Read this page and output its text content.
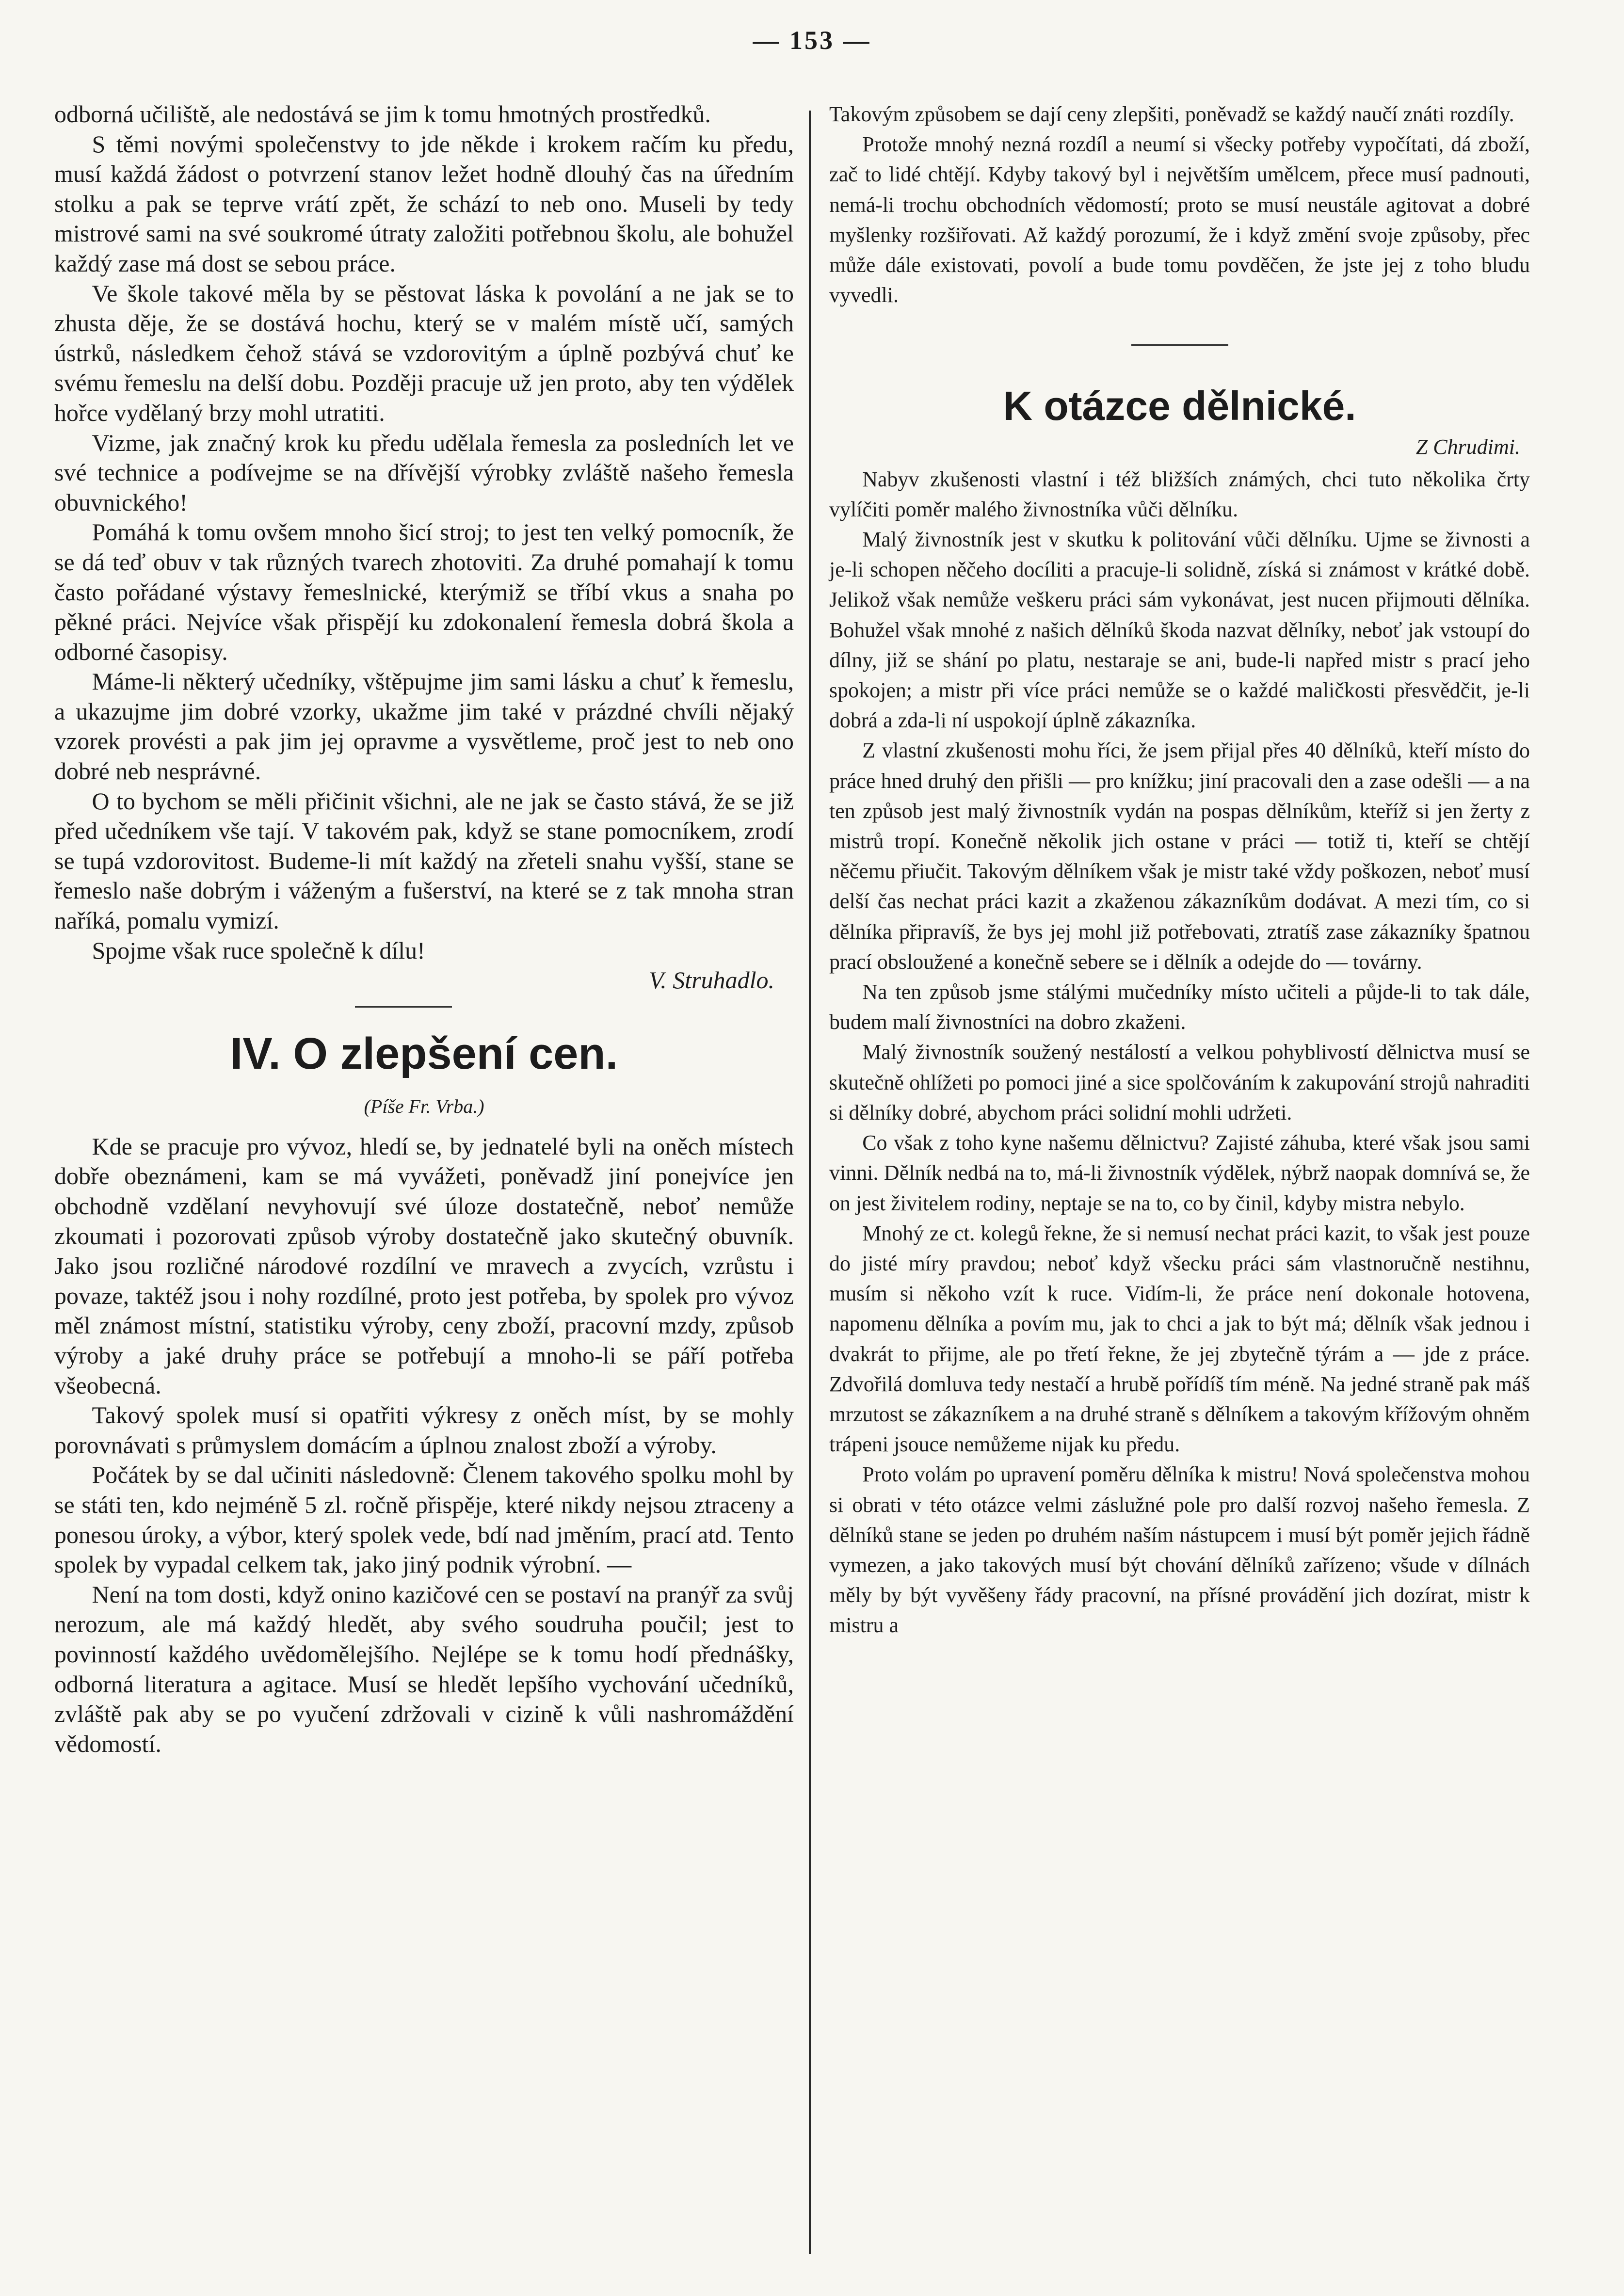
— 153 —

odborná učiliště, ale nedostává se jim k tomu hmotných prostředků.

S těmi novými společenstvy to jde někde i krokem račím ku předu, musí každá žádost o potvrzení stanov ležet hodně dlouhý čas na úředním stolku a pak se teprve vrátí zpět, že schází to neb ono. Museli by tedy mistrové sami na své soukromé útraty založiti potřebnou školu, ale bohužel každý zase má dost se sebou práce.

Ve škole takové měla by se pěstovat láska k povolání a ne jak se to zhusta děje, že se dostává hochu, který se v malém místě učí, samých ústrků, následkem čehož stává se vzdorovitým a úplně pozbývá chuť ke svému řemeslu na delší dobu. Později pracuje už jen proto, aby ten výdělek hořce vydělaný brzy mohl utratiti.

Vizme, jak značný krok ku předu udělala řemesla za posledních let ve své technice a podívejme se na dřívější výrobky zvláště našeho řemesla obuvnického!

Pomáhá k tomu ovšem mnoho šicí stroj; to jest ten velký pomocník, že se dá teď obuv v tak různých tvarech zhotoviti. Za druhé pomahají k tomu často pořádané výstavy řemeslnické, kterýmiž se tříbí vkus a snaha po pěkné práci. Nejvíce však přispějí ku zdokonalení řemesla dobrá škola a odborné časopisy.

Máme-li některý učedníky, vštěpujme jim sami lásku a chuť k řemeslu, a ukazujme jim dobré vzorky, ukažme jim také v prázdné chvíli nějaký vzorek provésti a pak jim jej opravme a vysvětleme, proč jest to neb ono dobré neb nesprávné.

O to bychom se měli přičinit všichni, ale ne jak se často stává, že se již před učedníkem vše tají. V takovém pak, když se stane pomocníkem, zrodí se tupá vzdorovitost. Budeme-li mít každý na zřeteli snahu vyšší, stane se řemeslo naše dobrým i váženým a fušerství, na které se z tak mnoha stran naříká, pomalu vymizí.

Spojme však ruce společně k dílu!

V. Struhadlo.

IV. O zlepšení cen.
(Píše Fr. Vrba.)

Kde se pracuje pro vývoz, hledí se, by jednatelé byli na oněch místech dobře obeznámeni, kam se má vyvážeti, poněvadž jiní ponejvíce jen obchodně vzdělaní nevyhovují své úloze dostatečně, neboť nemůže zkoumati i pozorovati způsob výroby dostatečně jako skutečný obuvník. Jako jsou rozličné národové rozdílní ve mravech a zvycích, vzrůstu i povaze, taktéž jsou i nohy rozdílné, proto jest potřeba, by spolek pro vývoz měl známost místní, statistiku výroby, ceny zboží, pracovní mzdy, způsob výroby a jaké druhy práce se potřebují a mnoho-li se páří potřeba všeobecná.

Takový spolek musí si opatřiti výkresy z oněch míst, by se mohly porovnávati s průmyslem domácím a úplnou znalost zboží a výroby.

Počátek by se dal učiniti následovně: Členem takového spolku mohl by se státi ten, kdo nejméně 5 zl. ročně přispěje, které nikdy nejsou ztraceny a ponesou úroky, a výbor, který spolek vede, bdí nad jměním, prací atd. Tento spolek by vypadal celkem tak, jako jiný podnik výrobní. —

Není na tom dosti, když onino kazičové cen se postaví na pranýř za svůj nerozum, ale má každý hledět, aby svého soudruha poučil; jest to povinností každého uvědomělejšího. Nejlépe se k tomu hodí přednášky, odborná literatura a agitace. Musí se hledět lepšího vychování učedníků, zvláště pak aby se po vyučení zdržovali v cizině k vůli nashromáždění vědomostí.

Takovým způsobem se dají ceny zlepšiti, poněvadž se každý naučí znáti rozdíly.

Protože mnohý nezná rozdíl a neumí si všecky potřeby vypočítati, dá zboží, zač to lidé chtějí. Kdyby takový byl i největším umělcem, přece musí padnouti, nemá-li trochu obchodních vědomostí; proto se musí neustále agitovat a dobré myšlenky rozšiřovati. Až každý porozumí, že i když změní svoje způsoby, přec může dále existovati, povolí a bude tomu povděčen, že jste jej z toho bludu vyvedli.

K otázce dělnické.
Z Chrudimi.

Nabyv zkušenosti vlastní i též bližších známých, chci tuto několika črty vylíčiti poměr malého živnostníka vůči dělníku.

Malý živnostník jest v skutku k politování vůči dělníku. Ujme se živnosti a je-li schopen něčeho docíliti a pracuje-li solidně, získá si známost v krátké době. Jelikož však nemůže veškeru práci sám vykonávat, jest nucen přijmouti dělníka. Bohužel však mnohé z našich dělníků škoda nazvat dělníky, neboť jak vstoupí do dílny, již se shání po platu, nestaraje se ani, bude-li napřed mistr s prací jeho spokojen; a mistr při více práci nemůže se o každé maličkosti přesvědčit, je-li dobrá a zda-li ní uspokojí úplně zákazníka.

Z vlastní zkušenosti mohu říci, že jsem přijal přes 40 dělníků, kteří místo do práce hned druhý den přišli — pro knížku; jiní pracovali den a zase odešli — a na ten způsob jest malý živnostník vydán na pospas dělníkům, kteříž si jen žerty z mistrů tropí. Konečně několik jich ostane v práci — totiž ti, kteří se chtějí něčemu přiučit. Takovým dělníkem však je mistr také vždy poškozen, neboť musí delší čas nechat práci kazit a zkaženou zákazníkům dodávat. A mezi tím, co si dělníka připravíš, že bys jej mohl již potřebovati, ztratíš zase zákazníky špatnou prací obsloužené a konečně sebere se i dělník a odejde do — továrny.

Na ten způsob jsme stálými mučedníky místo učiteli a půjde-li to tak dále, budem malí živnostníci na dobro zkaženi.

Malý živnostník soužený nestálostí a velkou pohyblivostí dělnictva musí se skutečně ohlížeti po pomoci jiné a sice spolčováním k zakupování strojů nahraditi si dělníky dobré, abychom práci solidní mohli udržeti.

Co však z toho kyne našemu dělnictvu? Zajisté záhuba, které však jsou sami vinni. Dělník nedbá na to, má-li živnostník výdělek, nýbrž naopak domnívá se, že on jest živitelem rodiny, neptaje se na to, co by činil, kdyby mistra nebylo.

Mnohý ze ct. kolegů řekne, že si nemusí nechat práci kazit, to však jest pouze do jisté míry pravdou; neboť když všecku práci sám vlastnoručně nestihnu, musím si někoho vzít k ruce. Vidím-li, že práce není dokonale hotovena, napomenu dělníka a povím mu, jak to chci a jak to být má; dělník však jednou i dvakrát to přijme, ale po třetí řekne, že jej zbytečně týrám a — jde z práce. Zdvořilá domluva tedy nestačí a hrubě pořídíš tím méně. Na jedné straně pak máš mrzutost se zákazníkem a na druhé straně s dělníkem a takovým křížovým ohněm trápeni jsouce nemůžeme nijak ku předu.

Proto volám po upravení poměru dělníka k mistru! Nová společenstva mohou si obrati v této otázce velmi záslužné pole pro další rozvoj našeho řemesla. Z dělníků stane se jeden po druhém naším nástupcem i musí být poměr jejich řádně vymezen, a jako takových musí být chování dělníků zařízeno; všude v dílnách měly by být vyvěšeny řády pracovní, na přísné provádění jich dozírat, mistr k mistru a
